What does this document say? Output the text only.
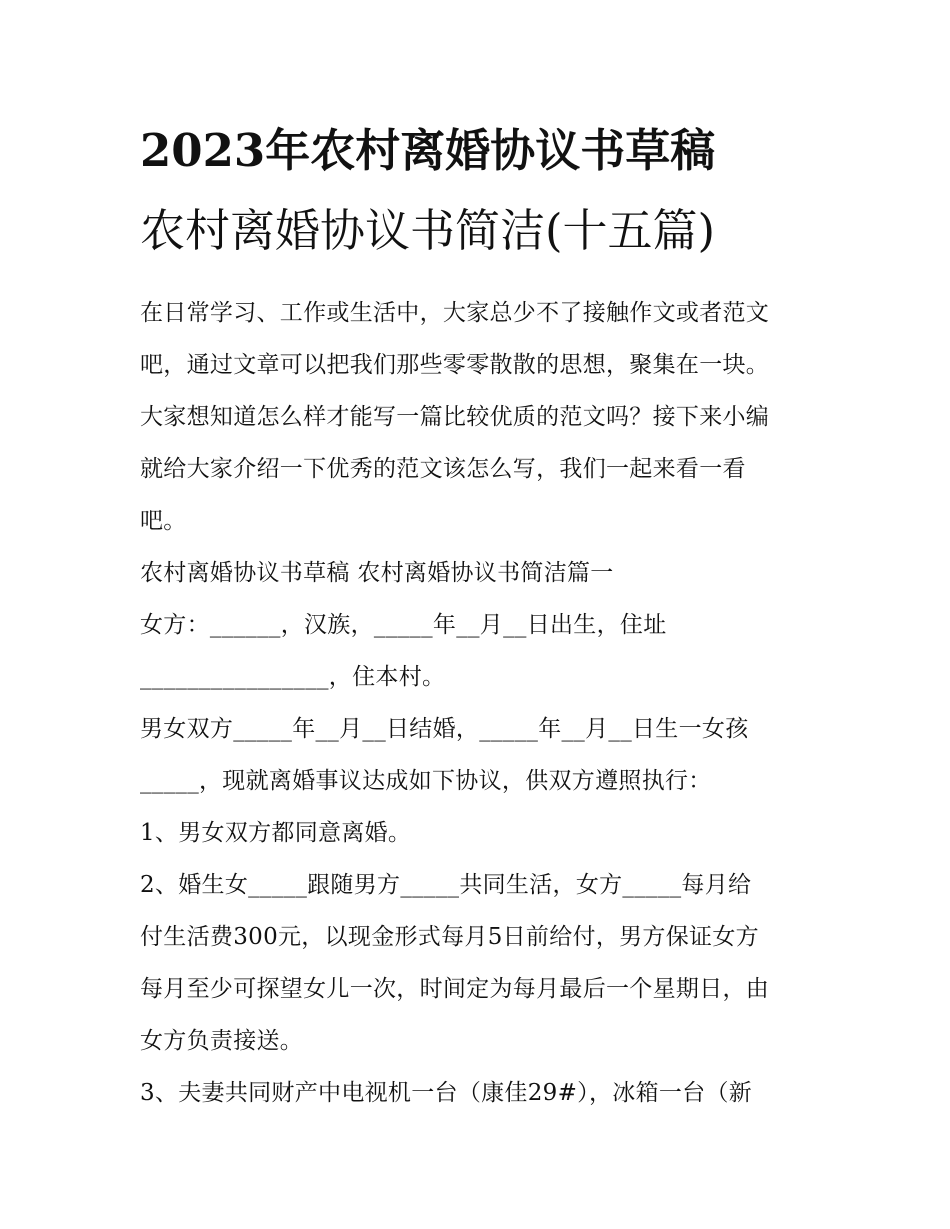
2023年农村离婚协议书草稿
农村离婚协议书简洁(十五篇)

在日常学习、工作或生活中，大家总少不了接触作文或者范文

吧，通过文章可以把我们那些零零散散的思想，聚集在一块。

大家想知道怎么样才能写一篇比较优质的范文吗？接下来小编

就给大家介绍一下优秀的范文该怎么写，我们一起来看一看

吧。

农村离婚协议书草稿 农村离婚协议书简洁篇一

女方：______，汉族，_____年__月__日出生，住址

________________，住本村。

男女双方_____年__月__日结婚，_____年__月__日生一女孩

_____，现就离婚事议达成如下协议，供双方遵照执行：

1、男女双方都同意离婚。

2、婚生女_____跟随男方_____共同生活，女方_____每月给

付生活费300元，以现金形式每月5日前给付，男方保证女方

每月至少可探望女儿一次，时间定为每月最后一个星期日，由

女方负责接送。

3、夫妻共同财产中电视机一台（康佳29#），冰箱一台（新
